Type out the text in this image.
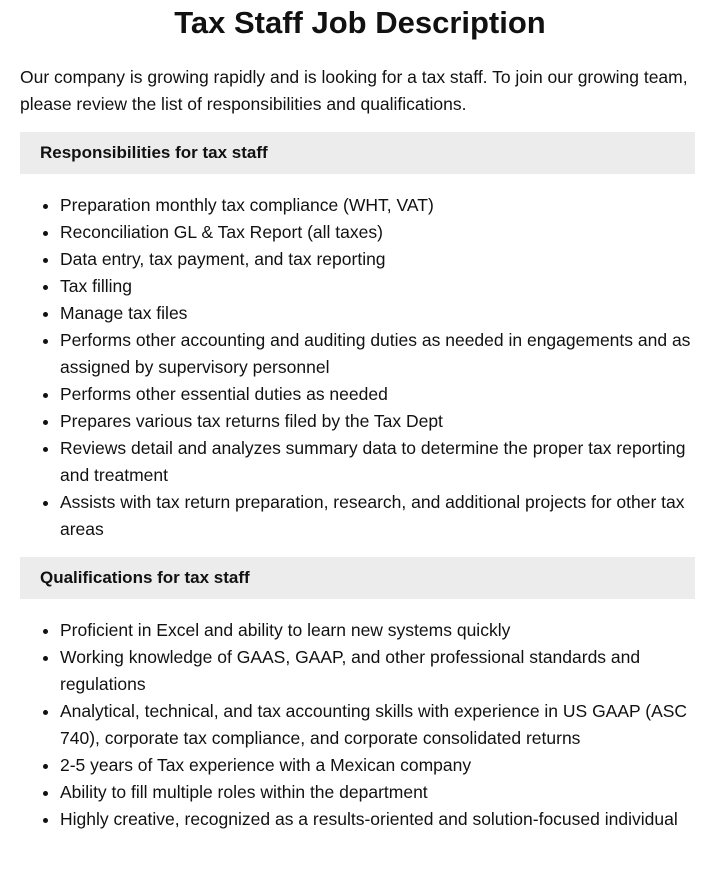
Tax Staff Job Description

Our company is growing rapidly and is looking for a tax staff. To join our growing team, please review the list of responsibilities and qualifications.

Responsibilities for tax staff
• Preparation monthly tax compliance (WHT, VAT)
• Reconciliation GL & Tax Report (all taxes)
• Data entry, tax payment, and tax reporting
• Tax filling
• Manage tax files
• Performs other accounting and auditing duties as needed in engagements and as assigned by supervisory personnel
• Performs other essential duties as needed
• Prepares various tax returns filed by the Tax Dept
• Reviews detail and analyzes summary data to determine the proper tax reporting and treatment
• Assists with tax return preparation, research, and additional projects for other tax areas
Qualifications for tax staff
• Proficient in Excel and ability to learn new systems quickly
• Working knowledge of GAAS, GAAP, and other professional standards and regulations
• Analytical, technical, and tax accounting skills with experience in US GAAP (ASC 740), corporate tax compliance, and corporate consolidated returns
• 2-5 years of Tax experience with a Mexican company
• Ability to fill multiple roles within the department
• Highly creative, recognized as a results-oriented and solution-focused individual
